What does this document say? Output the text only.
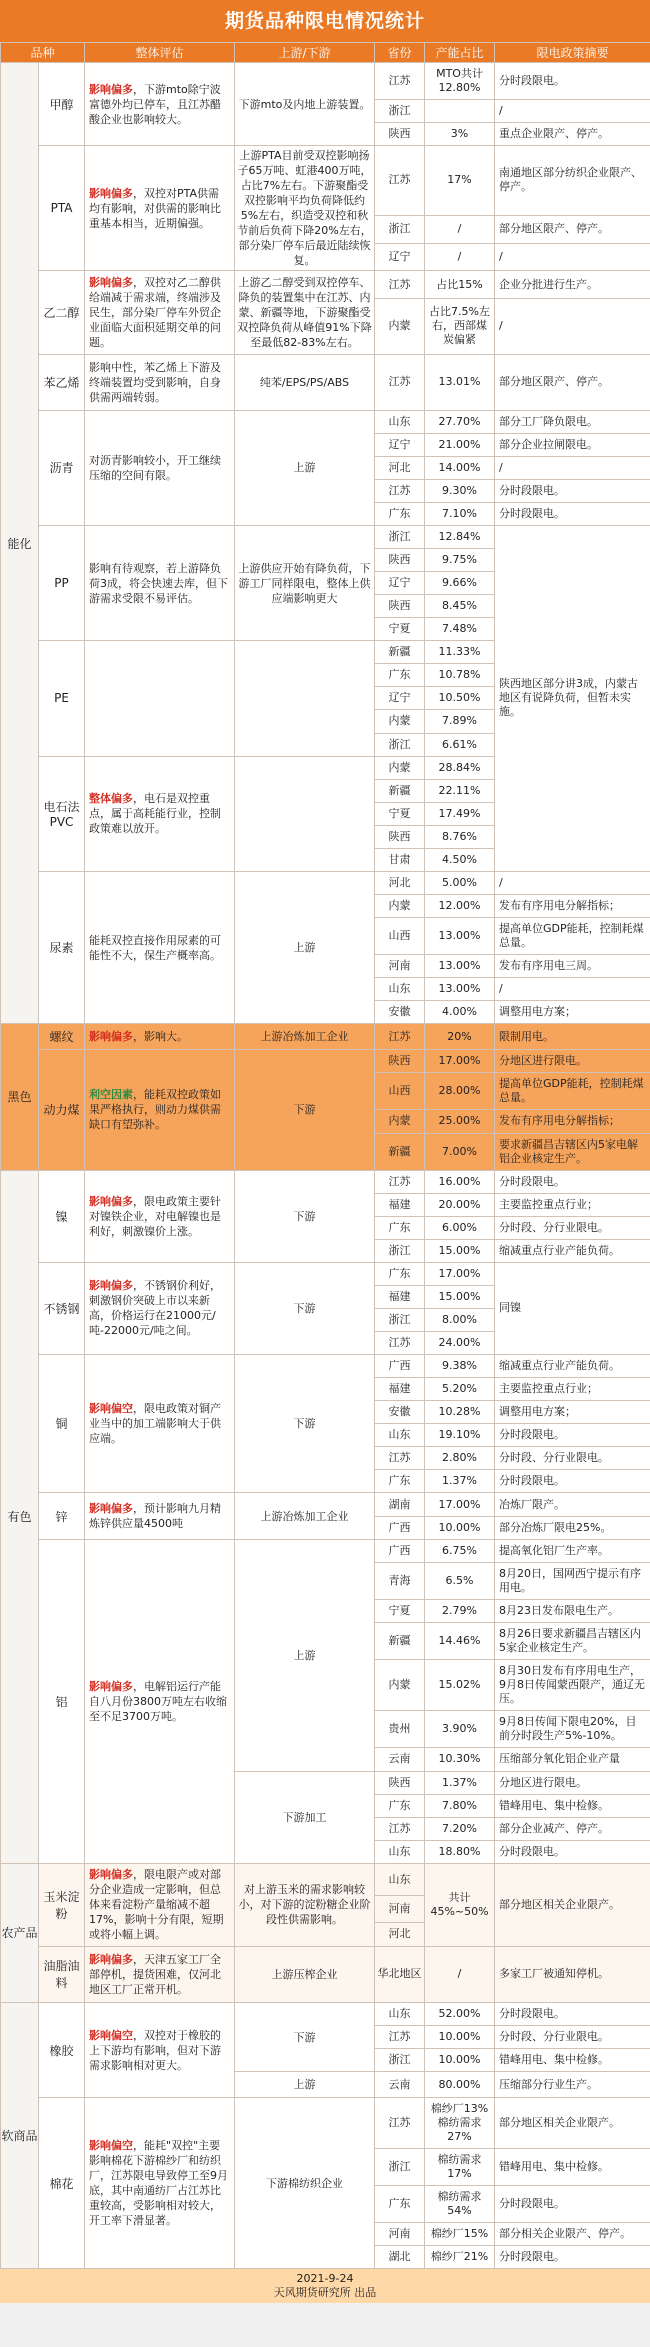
期货品种限电情况统计
品种		整体评估	上游/下游	省份	产能占比	限电政策摘要
能化	甲醇	影响偏多，下游mto除宁波富德外均已停车，且江苏醋酸企业也影响较大。	下游mto及内地上游装置。	江苏	MTO共计12.80%	分时段限电。
				浙江		/
				陕西	3%	重点企业限产、停产。
	PTA	影响偏多，双控对PTA供需均有影响，对供需的影响比重基本相当，近期偏强。	上游PTA目前受双控影响扬子65万吨、虹港400万吨，占比7%左右。下游聚酯受双控影响平均负荷降低约5%左右，织造受双控和秋节前后负荷下降20%左右，部分染厂停车后最近陆续恢复。	江苏	17%	南通地区部分纺织企业限产、停产。
				浙江	/	部分地区限产、停产。
				辽宁	/	/
	乙二醇	影响偏多，双控对乙二醇供给端减于需求端，终端涉及民生，部分染厂停车外贸企业面临大面积延期交单的问题。	上游乙二醇受到双控停车、降负的装置集中在江苏、内蒙、新疆等地，下游聚酯受双控降负荷从峰值91%下降至最低82-83%左右。	江苏	占比15%	企业分批进行生产。
				内蒙	占比7.5%左右，西部煤炭偏紧	/
	苯乙烯	影响中性，苯乙烯上下游及终端装置均受到影响，自身供需两端转弱。	纯苯/EPS/PS/ABS	江苏	13.01%	部分地区限产、停产。
	沥青	对沥青影响较小，开工继续压缩的空间有限。	上游	山东	27.70%	部分工厂降负限电。
				辽宁	21.00%	部分企业拉闸限电。
				河北	14.00%	/
				江苏	9.30%	分时段限电。
				广东	7.10%	分时段限电。
	PP	影响有待观察，若上游降负荷3成，将会快速去库，但下游需求受限不易评估。	上游供应开始有降负荷，下游工厂同样限电，整体上供应端影响更大	浙江	12.84%	陕西地区部分讲3成，内蒙古地区有说降负荷，但暂未实施。
				陕西	9.75%	
				辽宁	9.66%	
				陕西	8.45%	
				宁夏	7.48%	
	PE			新疆	11.33%	
				广东	10.78%	
				辽宁	10.50%	
				内蒙	7.89%	
				浙江	6.61%	
	电石法PVC	整体偏多，电石是双控重点，属于高耗能行业，控制政策难以放开。		内蒙	28.84%	
				新疆	22.11%	
				宁夏	17.49%	
				陕西	8.76%	
				甘肃	4.50%	
	尿素	能耗双控直接作用尿素的可能性不大，保生产概率高。	上游	河北	5.00%	/
				内蒙	12.00%	发布有序用电分解指标；
				山西	13.00%	提高单位GDP能耗，控制耗煤总量。
				河南	13.00%	发布有序用电三周。
				山东	13.00%	/
				安徽	4.00%	调整用电方案；
黑色	螺纹	影响偏多，影响大。	上游冶炼加工企业	江苏	20%	限制用电。
	动力煤	利空因素，能耗双控政策如果严格执行，则动力煤供需缺口有望弥补。	下游	陕西	17.00%	分地区进行限电。
				山西	28.00%	提高单位GDP能耗，控制耗煤总量。
				内蒙	25.00%	发布有序用电分解指标；
				新疆	7.00%	要求新疆昌吉辖区内5家电解铝企业核定生产。
有色	镍	影响偏多，限电政策主要针对镍铁企业，对电解镍也是利好，刺激镍价上涨。	下游	江苏	16.00%	分时段限电。
				福建	20.00%	主要监控重点行业；
				广东	6.00%	分时段、分行业限电。
				浙江	15.00%	缩减重点行业产能负荷。
	不锈钢	影响偏多，不锈钢价利好，刺激钢价突破上市以来新高，价格运行在21000元/吨-22000元/吨之间。	下游	广东	17.00%	同镍
				福建	15.00%	
				浙江	8.00%	
				江苏	24.00%	
	铜	影响偏空，限电政策对铜产业当中的加工端影响大于供应端。	下游	广西	9.38%	缩减重点行业产能负荷。
				福建	5.20%	主要监控重点行业；
				安徽	10.28%	调整用电方案；
				山东	19.10%	分时段限电。
				江苏	2.80%	分时段、分行业限电。
				广东	1.37%	分时段限电。
	锌	影响偏多，预计影响九月精炼锌供应量4500吨	上游冶炼加工企业	湖南	17.00%	冶炼厂限产。
				广西	10.00%	部分冶炼厂限电25%。
	铝	影响偏多，电解铝运行产能自八月份3800万吨左右收缩至不足3700万吨。	上游	广西	6.75%	提高氧化铝厂生产率。
				青海	6.5%	8月20日，国网西宁提示有序用电。
				宁夏	2.79%	8月23日发布限电生产。
				新疆	14.46%	8月26日要求新疆昌吉辖区内5家企业核定生产。
				内蒙	15.02%	8月30日发布有序用电生产，9月8日传闻蒙西限产，通辽无压。
				贵州	3.90%	9月8日传闻下限电20%，目前分时段生产5%-10%。
				云南	10.30%	压缩部分氧化铝企业产量
			下游加工	陕西	1.37%	分地区进行限电。
				广东	7.80%	错峰用电、集中检修。
				江苏	7.20%	部分企业减产、停产。
				山东	18.80%	分时段限电。
农产品	玉米淀粉	影响偏多，限电限产或对部分企业造成一定影响，但总体来看淀粉产量缩减不超17%，影响十分有限，短期或将小幅上调。	对上游玉米的需求影响较小，对下游的淀粉糖企业阶段性供需影响。	山东	共计45%~50%	部分地区相关企业限产。
				河南		
				河北		
	油脂油料	影响偏多，天津五家工厂全部停机，提货困难，仅河北地区工厂正常开机。	上游压榨企业	华北地区	/	多家工厂被通知停机。
软商品	橡胶	影响偏空，双控对于橡胶的上下游均有影响，但对下游需求影响相对更大。	下游	山东	52.00%	分时段限电。
				江苏	10.00%	分时段、分行业限电。
				浙江	10.00%	错峰用电、集中检修。
			上游	云南	80.00%	压缩部分行业生产。
	棉花	影响偏空，能耗"双控"主要影响棉花下游棉纱厂和纺织厂，江苏限电导致停工至9月底，其中南通纺厂占江苏比重较高，受影响相对较大，开工率下滑显著。	下游棉纺织企业	江苏	棉纱厂13%棉纺需求27%	部分地区相关企业限产。
				浙江	棉纺需求17%	错峰用电、集中检修。
				广东	棉纺需求54%	分时段限电。
				河南	棉纱厂15%	部分相关企业限产、停产。
				湖北	棉纱厂21%	分时段限电。
2021-9-24
天风期货研究所 出品
